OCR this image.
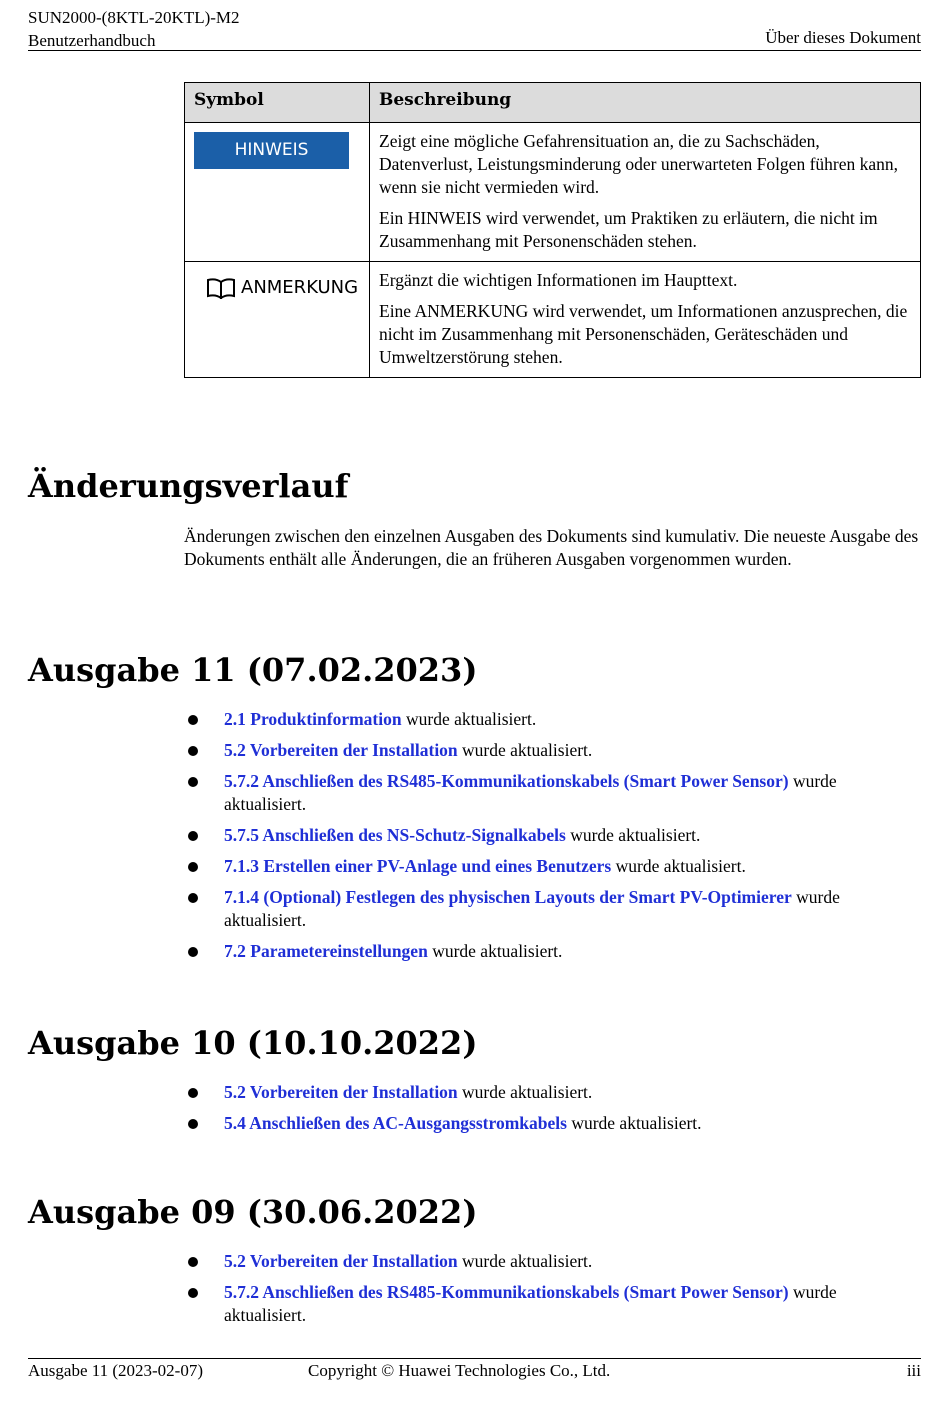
SUN2000-(8KTL-20KTL)-M2
Benutzerhandbuch	Über dieses Dokument
Symbol	Beschreibung

HINWEIS	Zeigt eine mögliche Gefahrensituation an, die zu Sachschäden, Datenverlust, Leistungsminderung oder unerwarteten Folgen führen kann, wenn sie nicht vermieden wird.

Ein HINWEIS wird verwendet, um Praktiken zu erläutern, die nicht im Zusammenhang mit Personenschäden stehen.

ANMERKUNG	Ergänzt die wichtigen Informationen im Haupttext.

Eine ANMERKUNG wird verwendet, um Informationen anzusprechen, die nicht im Zusammenhang mit Personenschäden, Geräteschäden und Umweltzerstörung stehen.

Änderungsverlauf

Änderungen zwischen den einzelnen Ausgaben des Dokuments sind kumulativ. Die neueste Ausgabe des Dokuments enthält alle Änderungen, die an früheren Ausgaben vorgenommen wurden.

Ausgabe 11 (07.02.2023)
2.1 Produktinformation wurde aktualisiert.
5.2 Vorbereiten der Installation wurde aktualisiert.
5.7.2 Anschließen des RS485-Kommunikationskabels (Smart Power Sensor) wurde aktualisiert.
5.7.5 Anschließen des NS-Schutz-Signalkabels wurde aktualisiert.
7.1.3 Erstellen einer PV-Anlage und eines Benutzers wurde aktualisiert.
7.1.4 (Optional) Festlegen des physischen Layouts der Smart PV-Optimierer wurde aktualisiert.
7.2 Parametereinstellungen wurde aktualisiert.
Ausgabe 10 (10.10.2022)
5.2 Vorbereiten der Installation wurde aktualisiert.
5.4 Anschließen des AC-Ausgangsstromkabels wurde aktualisiert.
Ausgabe 09 (30.06.2022)
5.2 Vorbereiten der Installation wurde aktualisiert.
5.7.2 Anschließen des RS485-Kommunikationskabels (Smart Power Sensor) wurde aktualisiert.
Ausgabe 11 (2023-02-07)	Copyright © Huawei Technologies Co., Ltd.	iii
